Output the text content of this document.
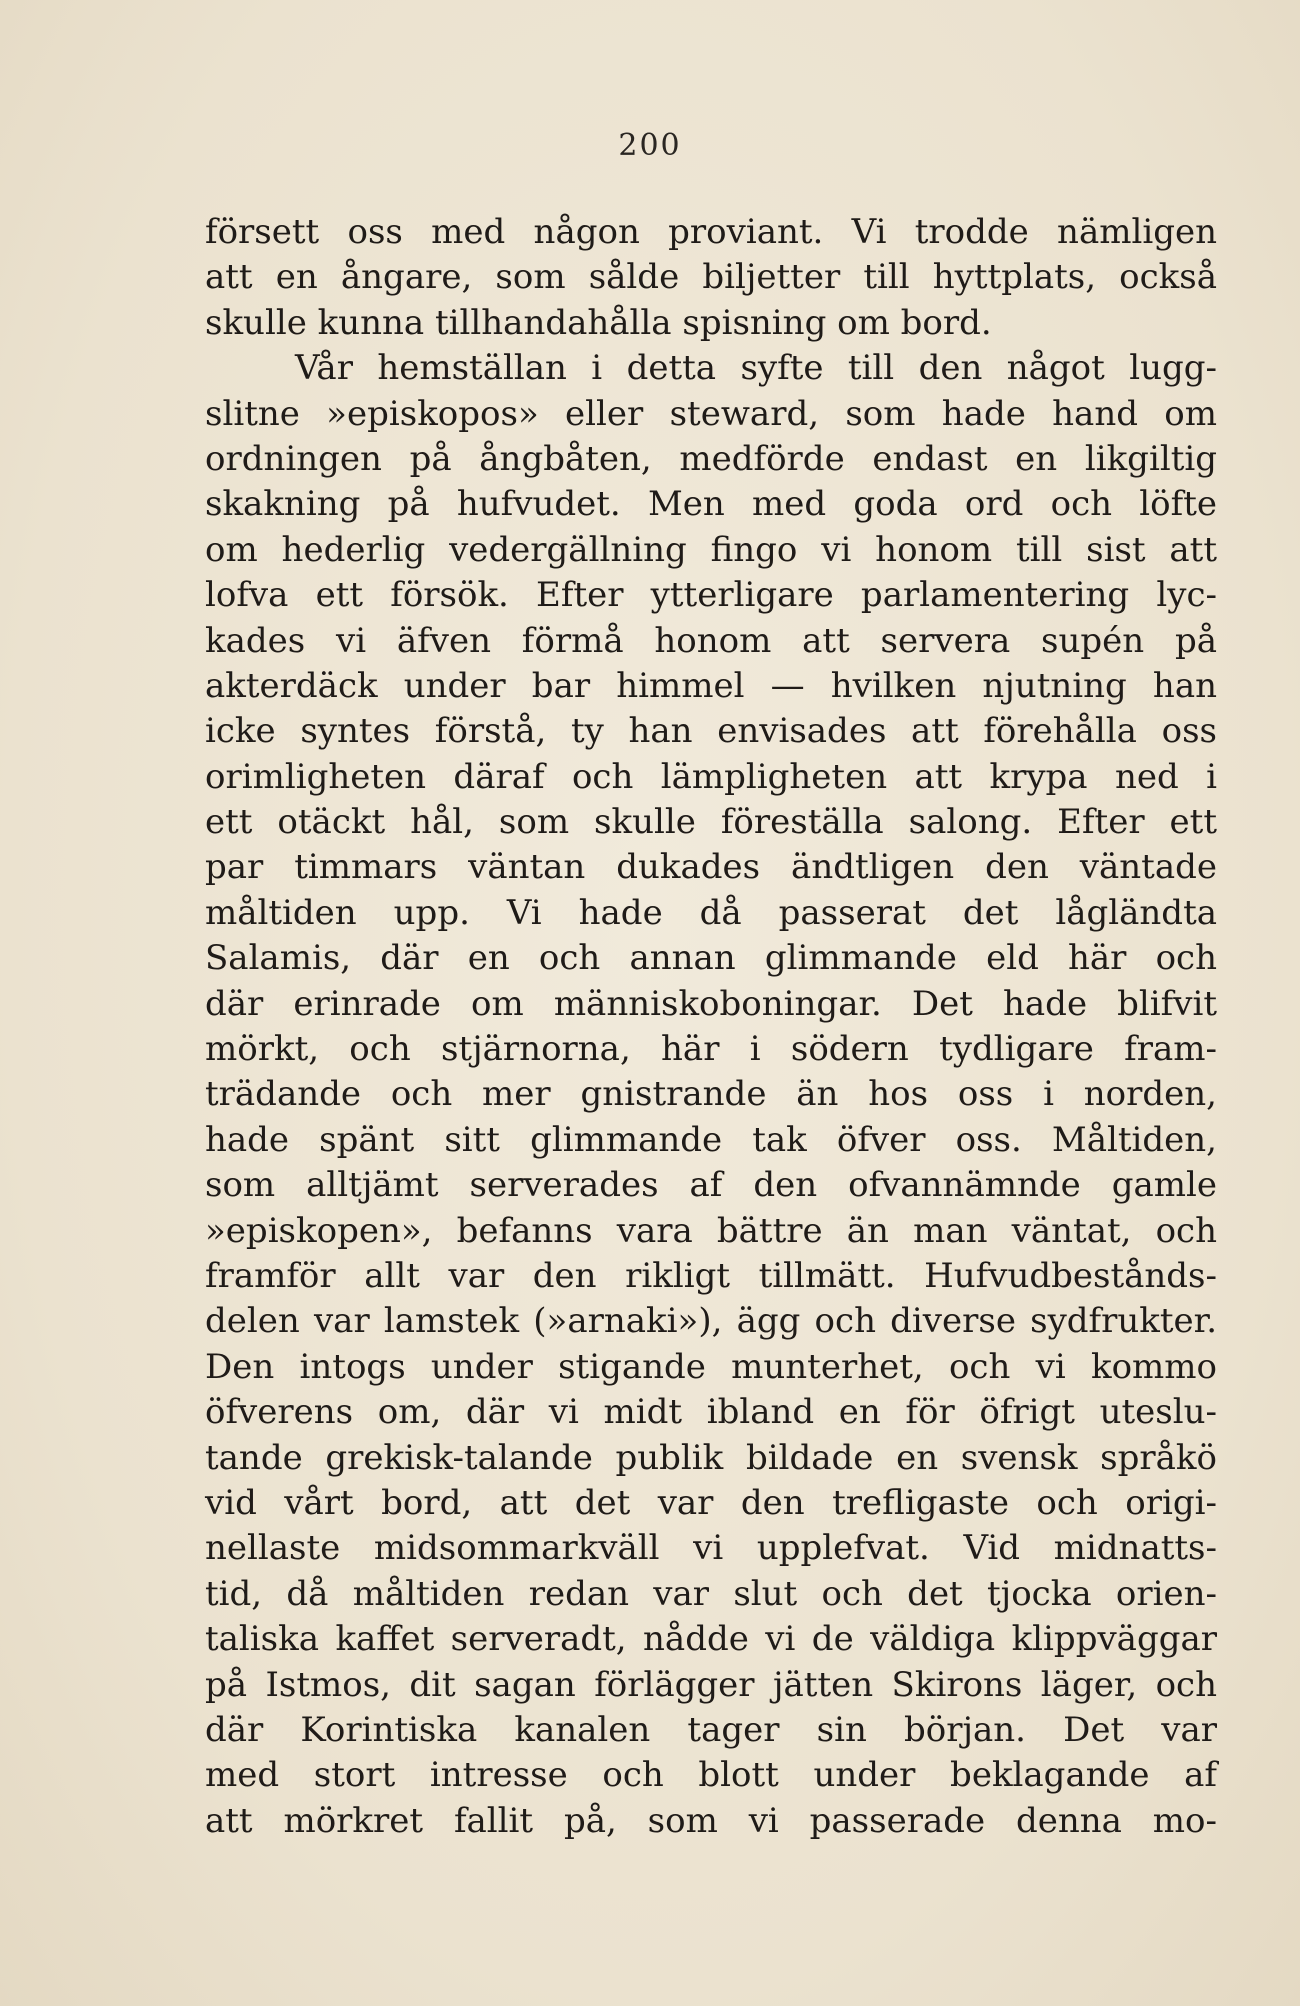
200
försett oss med någon proviant. Vi trodde nämligen
att en ångare, som sålde biljetter till hyttplats, också
skulle kunna tillhandahålla spisning om bord.
Vår hemställan i detta syfte till den något lugg-
slitne »episkopos» eller steward, som hade hand om
ordningen på ångbåten, medförde endast en likgiltig
skakning på hufvudet. Men med goda ord och löfte
om hederlig vedergällning fingo vi honom till sist att
lofva ett försök. Efter ytterligare parlamentering lyc-
kades vi äfven förmå honom att servera supén på
akterdäck under bar himmel — hvilken njutning han
icke syntes förstå, ty han envisades att förehålla oss
orimligheten däraf och lämpligheten att krypa ned i
ett otäckt hål, som skulle föreställa salong. Efter ett
par timmars väntan dukades ändtligen den väntade
måltiden upp. Vi hade då passerat det lågländta
Salamis, där en och annan glimmande eld här och
där erinrade om människoboningar. Det hade blifvit
mörkt, och stjärnorna, här i södern tydligare fram-
trädande och mer gnistrande än hos oss i norden,
hade spänt sitt glimmande tak öfver oss. Måltiden,
som alltjämt serverades af den ofvannämnde gamle
»episkopen», befanns vara bättre än man väntat, och
framför allt var den rikligt tillmätt. Hufvudbestånds-
delen var lamstek (»arnaki»), ägg och diverse sydfrukter.
Den intogs under stigande munterhet, och vi kommo
öfverens om, där vi midt ibland en för öfrigt uteslu-
tande grekisk-talande publik bildade en svensk språkö
vid vårt bord, att det var den trefligaste och origi-
nellaste midsommarkväll vi upplefvat. Vid midnatts-
tid, då måltiden redan var slut och det tjocka orien-
taliska kaffet serveradt, nådde vi de väldiga klippväggar
på Istmos, dit sagan förlägger jätten Skirons läger, och
där Korintiska kanalen tager sin början. Det var
med stort intresse och blott under beklagande af
att mörkret fallit på, som vi passerade denna mo-
